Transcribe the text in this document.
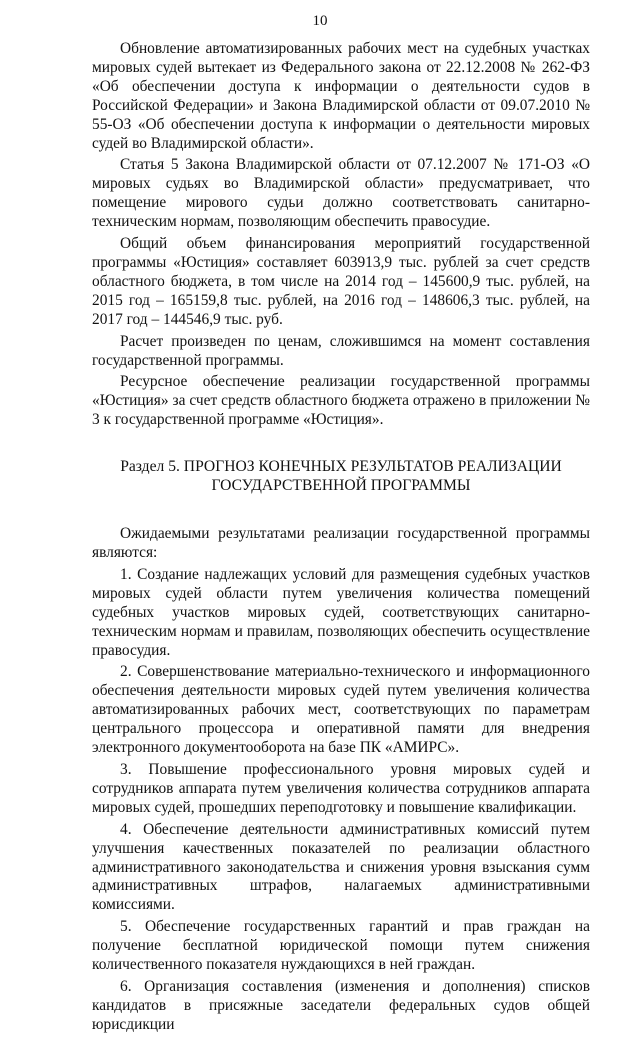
10

Обновление автоматизированных рабочих мест на судебных участках мировых судей вытекает из Федерального закона от 22.12.2008 № 262-ФЗ «Об обеспечении доступа к информации о деятельности судов в Российской Федерации» и Закона Владимирской области от 09.07.2010 № 55-ОЗ «Об обеспечении доступа к информации о деятельности мировых судей во Владимирской области».

Статья 5 Закона Владимирской области от 07.12.2007 № 171-ОЗ «О мировых судьях во Владимирской области» предусматривает, что помещение мирового судьи должно соответствовать санитарно-техническим нормам, позволяющим обеспечить правосудие.

Общий объем финансирования мероприятий государственной программы «Юстиция» составляет 603913,9 тыс. рублей за счет средств областного бюджета, в том числе на 2014 год – 145600,9 тыс. рублей, на 2015 год – 165159,8 тыс. рублей, на 2016 год – 148606,3 тыс. рублей, на 2017 год – 144546,9 тыс. руб.

Расчет произведен по ценам, сложившимся на момент составления государственной программы.

Ресурсное обеспечение реализации государственной программы «Юстиция» за счет средств областного бюджета отражено в приложении № 3 к государственной программе «Юстиция».

Раздел 5. ПРОГНОЗ КОНЕЧНЫХ РЕЗУЛЬТАТОВ РЕАЛИЗАЦИИ ГОСУДАРСТВЕННОЙ ПРОГРАММЫ

Ожидаемыми результатами реализации государственной программы являются:

1. Создание надлежащих условий для размещения судебных участков мировых судей области путем увеличения количества помещений судебных участков мировых судей, соответствующих санитарно-техническим нормам и правилам, позволяющих обеспечить осуществление правосудия.

2. Совершенствование материально-технического и информационного обеспечения деятельности мировых судей путем увеличения количества автоматизированных рабочих мест, соответствующих по параметрам центрального процессора и оперативной памяти для внедрения электронного документооборота на базе ПК «АМИРС».

3. Повышение профессионального уровня мировых судей и сотрудников аппарата путем увеличения количества сотрудников аппарата мировых судей, прошедших переподготовку и повышение квалификации.

4. Обеспечение деятельности административных комиссий путем улучшения качественных показателей по реализации областного административного законодательства и снижения уровня взыскания сумм административных штрафов, налагаемых административными комиссиями.

5. Обеспечение государственных гарантий и прав граждан на получение бесплатной юридической помощи путем снижения количественного показателя нуждающихся в ней граждан.

6. Организация составления (изменения и дополнения) списков кандидатов в присяжные заседатели федеральных судов общей юрисдикции
